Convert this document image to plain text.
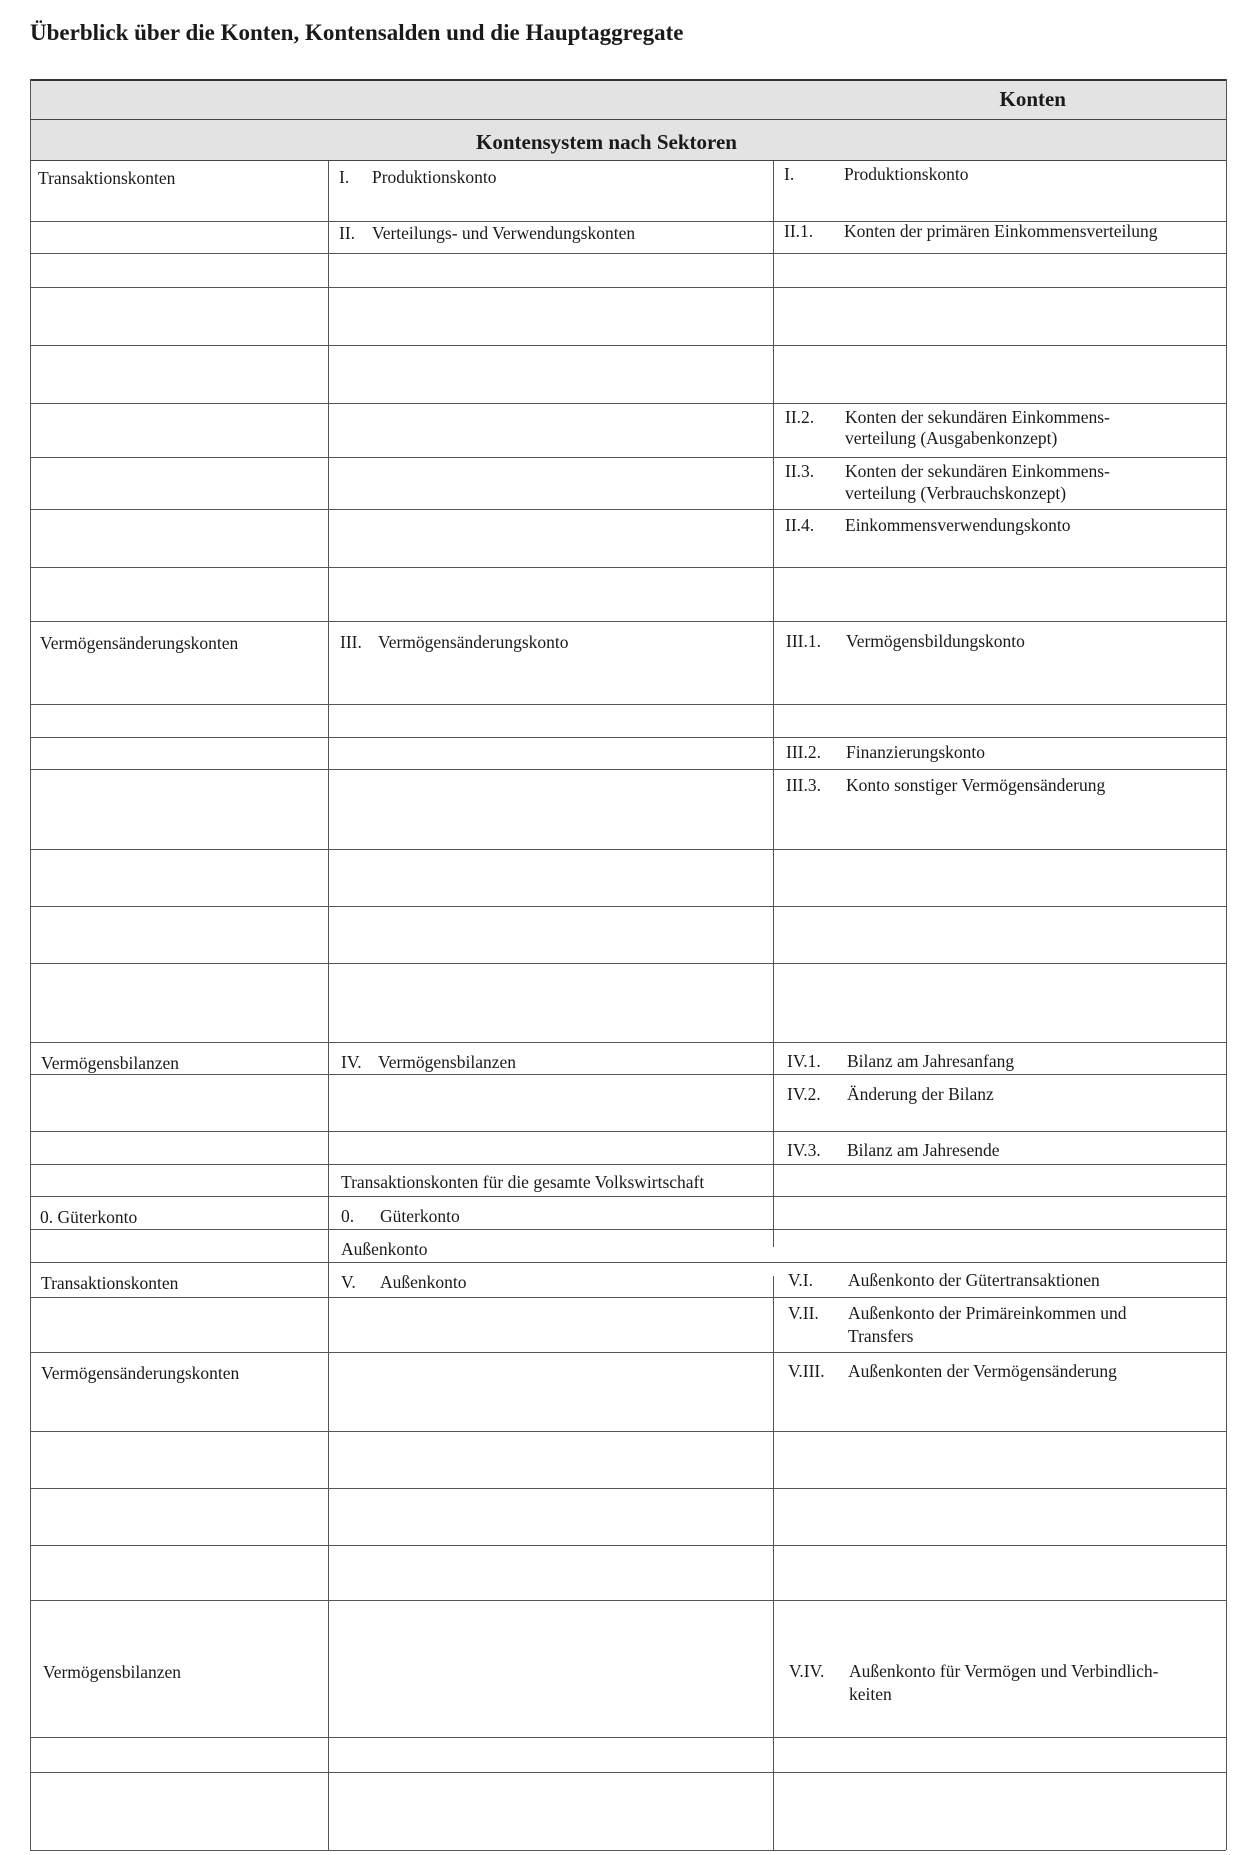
Überblick über die Konten, Kontensalden und die Hauptaggregate
Konten
Kontensystem nach Sektoren
Transaktionskonten
Vermögensänderungskonten
Vermögensbilanzen
0. Güterkonto
Transaktionskonten
Vermögensänderungskonten
Vermögensbilanzen
I. Produktionskonto
II. Verteilungs- und Verwendungskonten
III. Vermögensänderungskonto
IV. Vermögensbilanzen
Transaktionskonten für die gesamte Volkswirtschaft
0. Güterkonto
Außenkonto
V. Außenkonto
I.	Produktionskonto
II.1. Konten der primären Einkommensverteilung
II.2. Konten der sekundären Einkommens-
verteilung (Ausgabenkonzept)
II.3. Konten der sekundären Einkommens-
verteilung (Verbrauchskonzept)
II.4. Einkommensverwendungskonto
III.1. Vermögensbildungskonto
III.2. Finanzierungskonto
III.3. Konto sonstiger Vermögensänderung
IV.1. Bilanz am Jahresanfang
IV.2. Änderung der Bilanz
IV.3. Bilanz am Jahresende
V.I. Außenkonto der Gütertransaktionen
V.II. Außenkonto der Primäreinkommen und
Transfers
V.III. Außenkonten der Vermögensänderung
V.IV. Außenkonto für Vermögen und Verbindlich-
keiten
